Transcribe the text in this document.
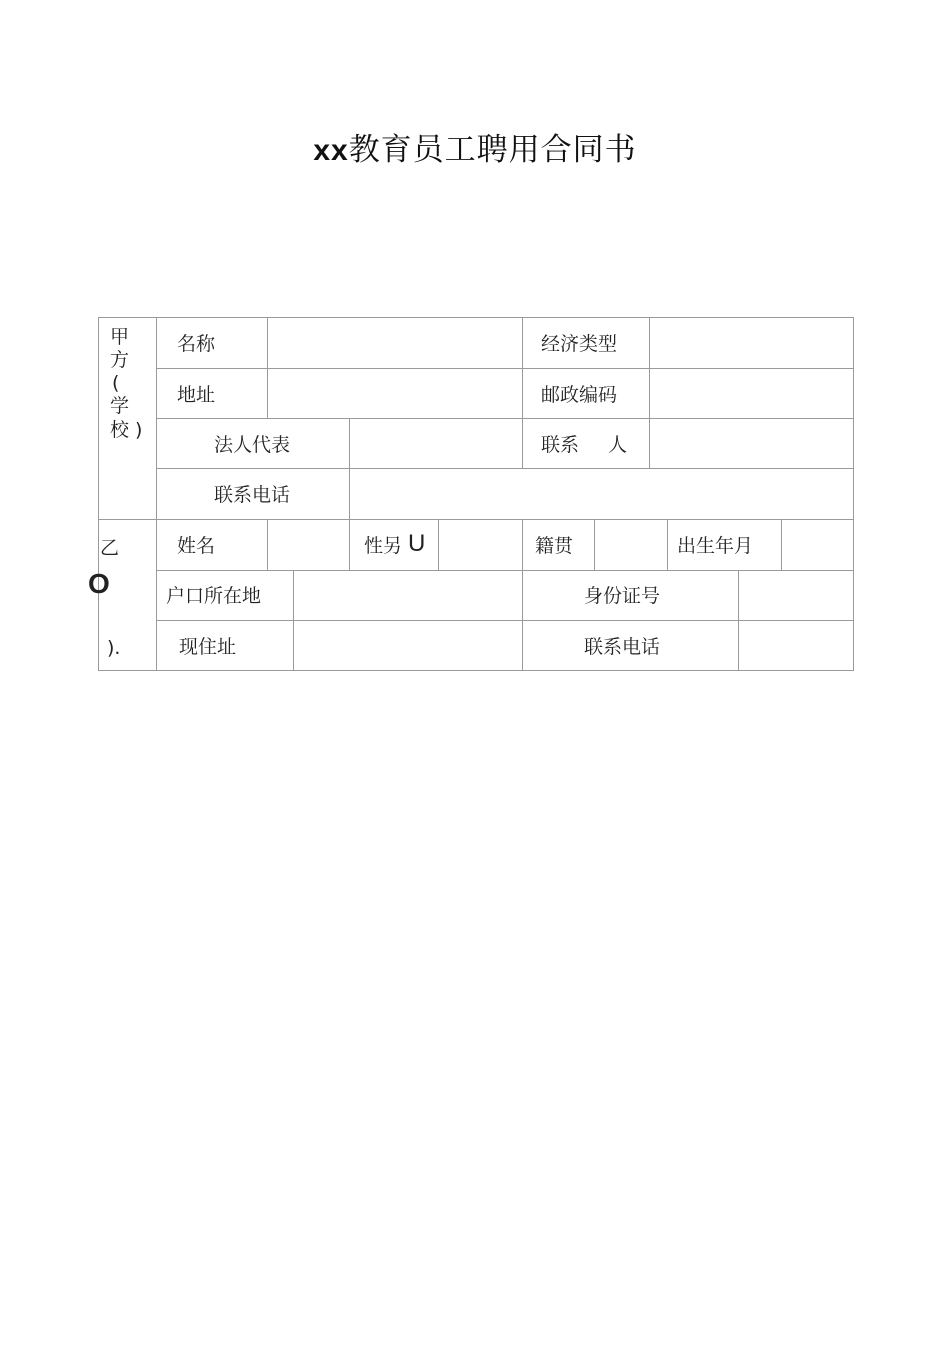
xx教育员工聘用合同书
甲
方
(
学
校 )
名称	经济类型
地址	邮政编码
法人代表	联系 人
联系电话
乙
O
).
姓名	性另 U	籍贯	出生年月
户口所在地	身份证号
现住址	联系电话
